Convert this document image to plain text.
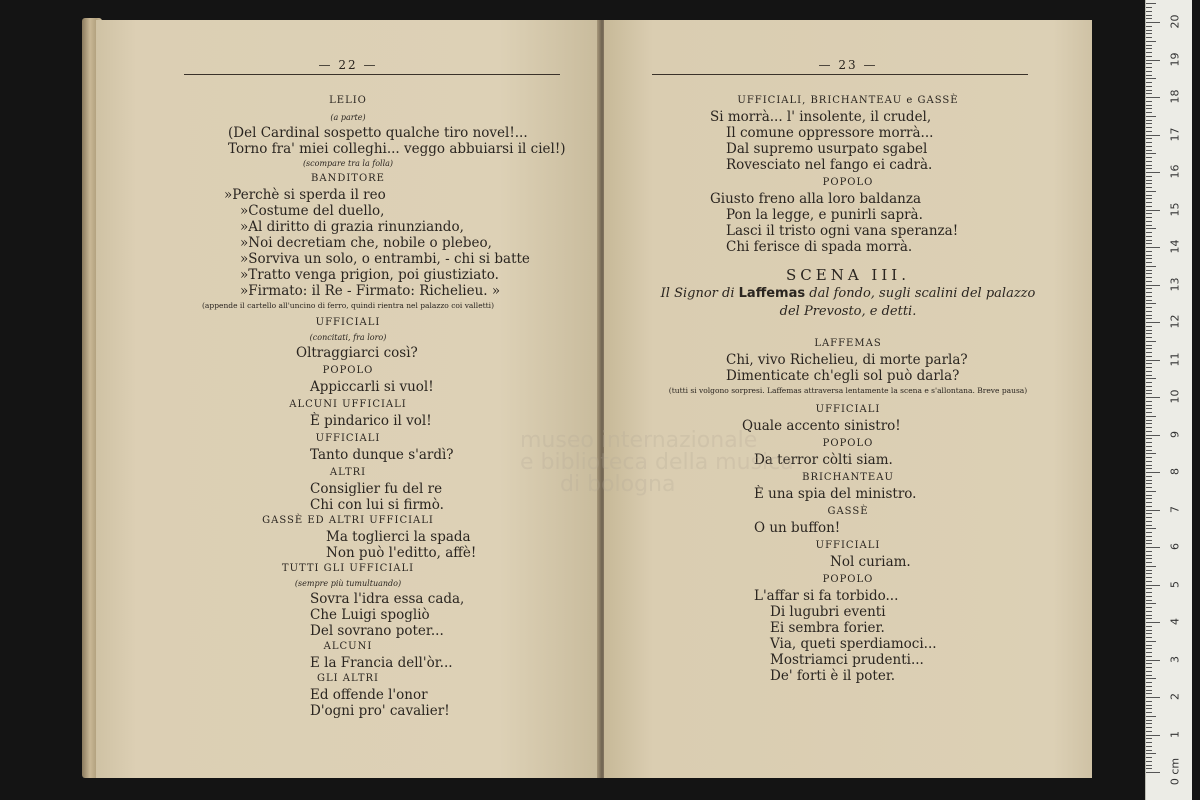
— 22 —
LELIO
(a parte)
(Del Cardinal sospetto qualche tiro novel!...
Torno fra' miei colleghi... veggo abbuiarsi il ciel!)
(scompare tra la folla)
BANDITORE
»Perchè si sperda il reo
»Costume del duello,
»Al diritto di grazia rinunziando,
»Noi decretiam che, nobile o plebeo,
»Sorviva un solo, o entrambi, - chi si batte
»Tratto venga prigion, poi giustiziato.
»Firmato: il Re - Firmato: Richelieu. »
(appende il cartello all'uncino di ferro, quindi rientra nel palazzo coi valletti)
UFFICIALI
(concitati, fra loro)
Oltraggiarci così?
POPOLO
Appiccarli si vuol!
ALCUNI UFFICIALI
È pindarico il vol!
UFFICIALI
Tanto dunque s'ardì?
ALTRI
Consiglier fu del re
Chi con lui si firmò.
GASSÈ ED ALTRI UFFICIALI
Ma toglierci la spada
Non può l'editto, affè!
TUTTI GLI UFFICIALI
(sempre più tumultuando)
Sovra l'idra essa cada,
Che Luigi spogliò
Del sovrano poter...
ALCUNI
E la Francia dell'òr...
GLI ALTRI
Ed offende l'onor
D'ogni pro' cavalier!
— 23 —
UFFICIALI, BRICHANTEAU e GASSÈ
Si morrà... l' insolente, il crudel,
Il comune oppressore morrà...
Dal supremo usurpato sgabel
Rovesciato nel fango ei cadrà.
POPOLO
Giusto freno alla loro baldanza
Pon la legge, e punirli saprà.
Lasci il tristo ogni vana speranza!
Chi ferisce di spada morrà.
SCENA III.
Il Signor di Laffemas dal fondo, sugli scalini del palazzo
del Prevosto, e detti.
LAFFEMAS
Chi, vivo Richelieu, di morte parla?
Dimenticate ch'egli sol può darla?
(tutti si volgono sorpresi. Laffemas attraversa lentamente la scena e s'allontana. Breve pausa)
UFFICIALI
Quale accento sinistro!
POPOLO
Da terror còlti siam.
BRICHANTEAU
È una spia del ministro.
GASSÈ
O un buffon!
UFFICIALI
Nol curiam.
POPOLO
L'affar si fa torbido...
Di lugubri eventi
Ei sembra forier.
Via, queti sperdiamoci...
Mostriamci prudenti...
De' forti è il poter.
museo internazionale
e biblioteca della musica
di bologna
20
19
18
17
16
15
14
13
12
11
10
9
8
7
6
5
4
3
2
1
0 cm
